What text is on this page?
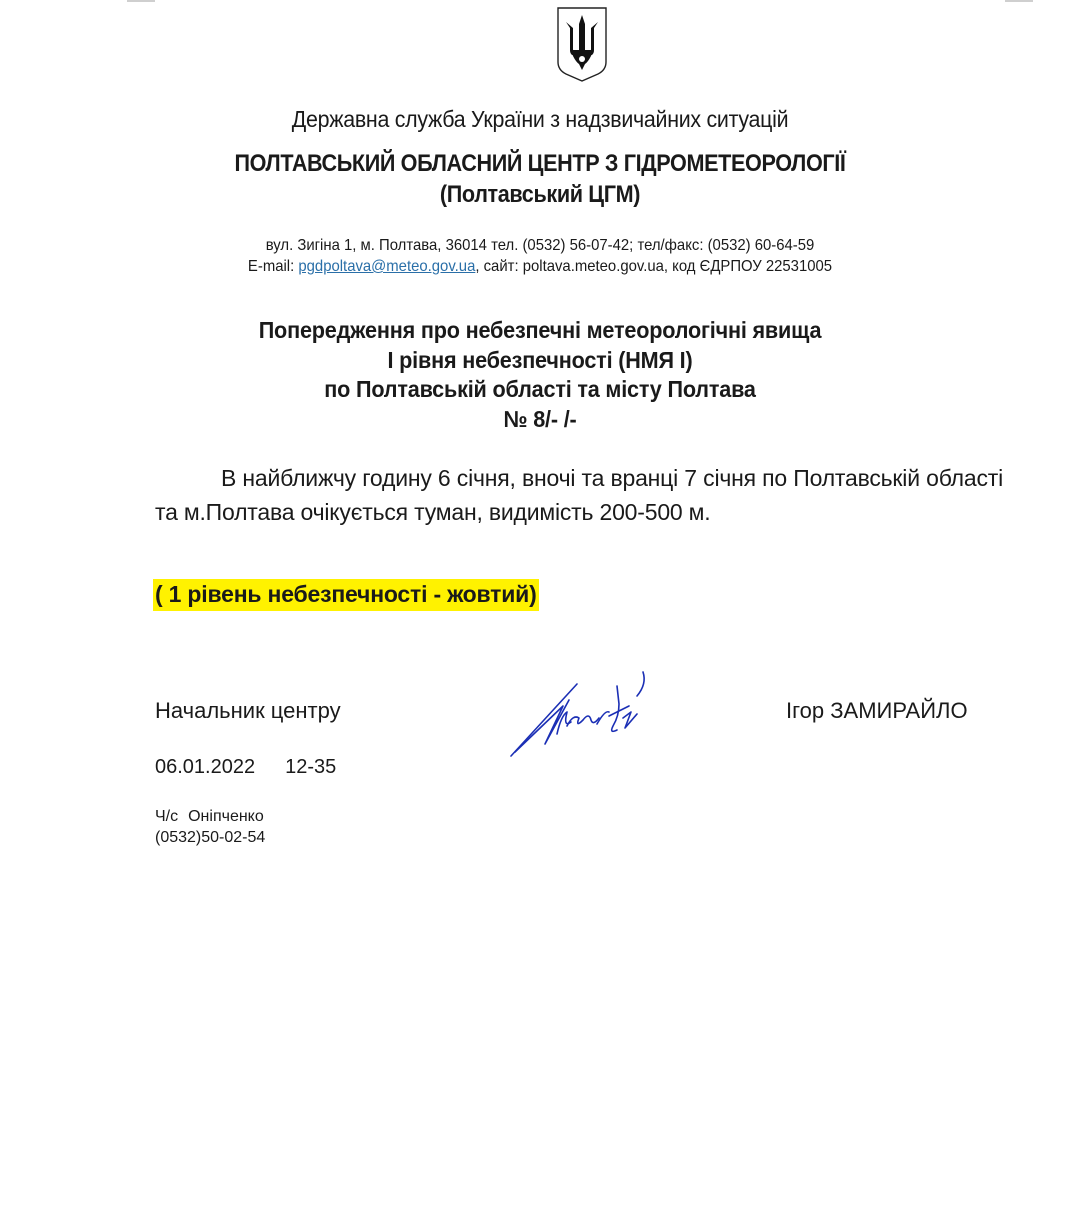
Державна служба України з надзвичайних ситуацій
ПОЛТАВСЬКИЙ ОБЛАСНИЙ ЦЕНТР З ГІДРОМЕТЕОРОЛОГІЇ
(Полтавський ЦГМ)
вул. Зигіна 1, м. Полтава, 36014 тел. (0532) 56-07-42; тел/факс: (0532) 60-64-59
E-mail: pgdpoltava@meteo.gov.ua, сайт: poltava.meteo.gov.ua, код ЄДРПОУ 22531005
Попередження про небезпечні метеорологічні явища
І рівня небезпечності (НМЯ І)
по Полтавській області та місту Полтава
№ 8/- /-
В найближчу годину 6 січня, вночі та вранці 7 січня по Полтавській області та м.Полтава очікується туман, видимість 200-500 м.
( 1 рівень небезпечності - жовтий)
Начальник центру	Ігор ЗАМИРАЙЛО
06.01.2022 12-35
Ч/с Оніпченко
(0532)50-02-54
